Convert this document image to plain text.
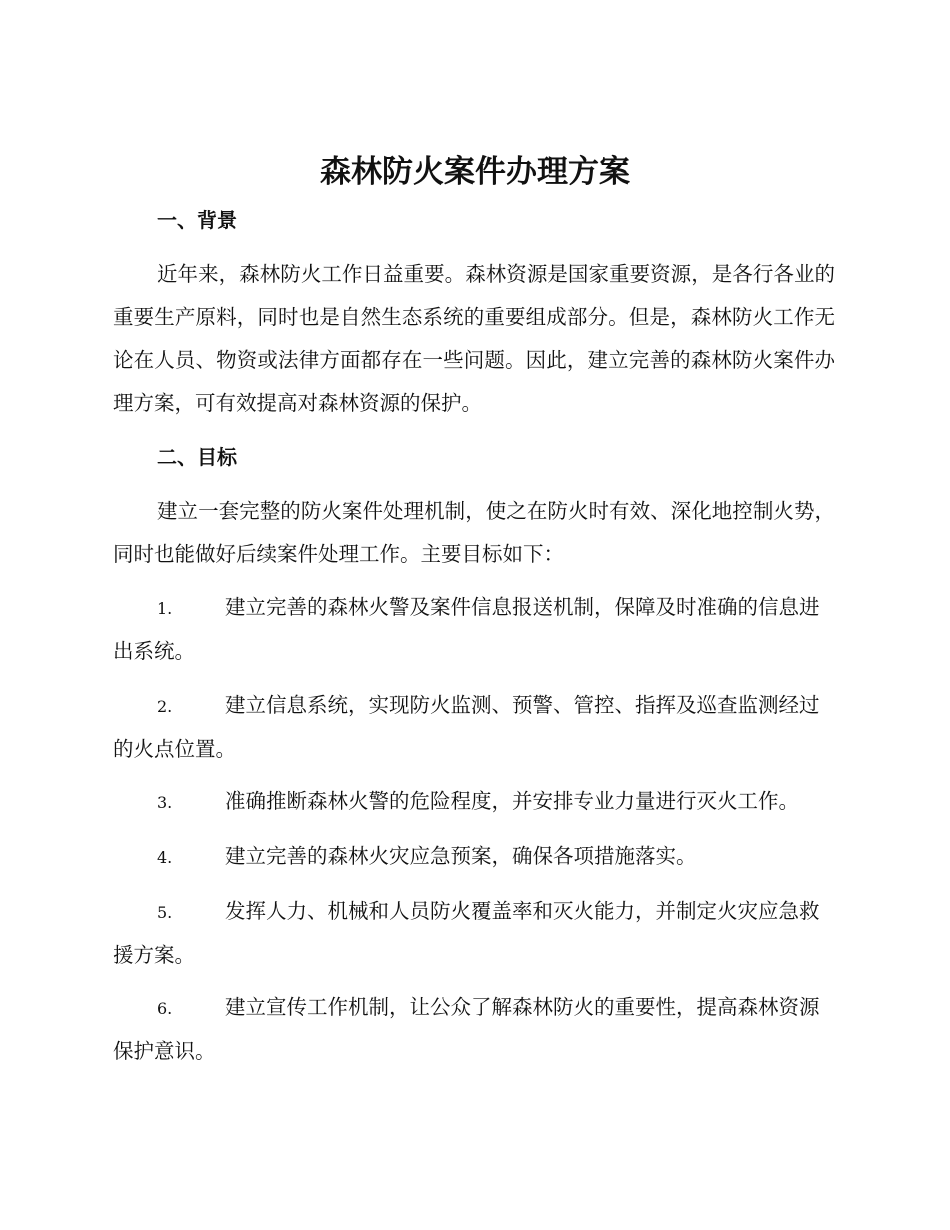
森林防火案件办理方案
一、背景

近年来，森林防火工作日益重要。森林资源是国家重要资源，是各行各业的重要生产原料，同时也是自然生态系统的重要组成部分。但是，森林防火工作无论在人员、物资或法律方面都存在一些问题。因此，建立完善的森林防火案件办理方案，可有效提高对森林资源的保护。

二、目标

建立一套完整的防火案件处理机制，使之在防火时有效、深化地控制火势，同时也能做好后续案件处理工作。主要目标如下：

1.	建立完善的森林火警及案件信息报送机制，保障及时准确的信息进出系统。
2.	建立信息系统，实现防火监测、预警、管控、指挥及巡查监测经过的火点位置。
3.	准确推断森林火警的危险程度，并安排专业力量进行灭火工作。
4.	建立完善的森林火灾应急预案，确保各项措施落实。
5.	发挥人力、机械和人员防火覆盖率和灭火能力，并制定火灾应急救援方案。
6.	建立宣传工作机制，让公众了解森林防火的重要性，提高森林资源保护意识。
